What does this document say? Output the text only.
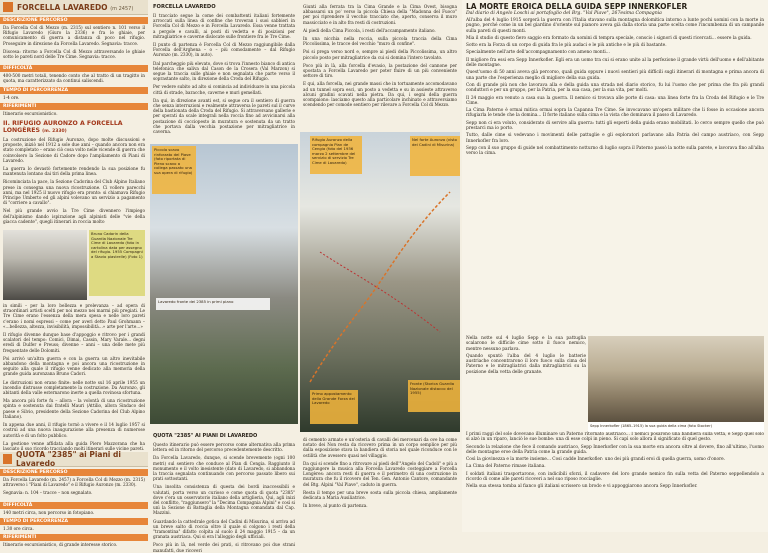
FORCELLA LAVAREDO (m 2457)
DESCRIZIONE PERCORSO

Da Forcella Col di Mezzo (m. 2315) sul sentiero n. 101 verso il Rifugio Lavaredo (Giuro la 2336) e fra le ghiaie, per comunicamento di guerra a distanza di poco nel rifugio. Proseguire in direzione da Forcella Lavaredo. Segnavia: tracce.

Discesa: ritorno a Forcella Col di Mezzo attraversando le ghiaie sotto le pareti nord delle Tre Cime. Segnavia: tracce.

DIFFICOLTÀ
400-500 metri totali, tenendo conto che al tratto di un tragitto in quota, ma caratterizzato da continui saliscendi.
TEMPO DI PERCORRENZA
1-4 ore.
RIFERIMENTI
Itinerario escursionistico.
II. RIFUGIO AURONZO A FORCELLA LONGÈRES (m. 2330)

La costruzione del Rifugio Auronzo, dopo molte discussioni e proposte, iniziò nel 1912 a sole due anni – quando ancora non era stato completato – erano ciò cosa volto nelle vicende di guerra che coinvolsero la Sezione di Cadore dopo l'ampliamento di Piani di Lavaredo.

La guerra lo devastò fortemente rendendo la sua posizione fu mantenuta lontano dai tiri della prima linea.

Ricominciata la pace, la Sezione Cadorina del Club Alpino Italiano prese in consegna una nuova ricostruzione. Ci vollero parecchi anni, ma nel 1925 il nuovo rifugio era pronto: si chiamava Rifugio Principe Umberto ed gli alpini volevano un servizio a pagamento di "corriere a cavallo".

Nel più grande avvio la Tre Cime divennero l'impiego dell'alpinismo dando ispirazione agli alpinisti delle "vie della giacca cadente", quegli itinerari in roccia molto

Bruno Cadorin della Guardia Nazionale Tre Cime di Lavaredo (foto in cartolina data per assegno del rifugio. 1955 Compagni a Stavio piastrelle) (Foto 1)

in simili – per la loro bellezza e prelevanza – ad opera di straordinari artisti scelti per noi mezzo nei marmi più pregiati. Le Tre Cime erano l'essenza della mera spesa e nelle loro pareti c'erano i nomi espressi – come per averi detto Paul Grohmann – «...bellezza, altezza, invisibilità, impossibilità...» arte per l'arte...»

Il rifugio divenne dunque base d'appoggio e ritrovo per i grandi scalatori del tempo: Comici, Dimai, Cassin, Mary Varale... degni eredi di Dulfer e Preuss; divenne – anni – una delle mete più frequentate delle Dolomiti.

Poi arrivò un'altra guerra e con la guerra un altro inevitabile abbandono della montagna e poi ancora una ricostruzione in seguito alla quale il rifugio venne dedicato alla memoria della grande guida auronzana Bruno Cadori.

Le distruzioni non erano finite: nelle notte sul 16 aprile 1955 un incendio distrusse completamente la costruzione. Da Auronzo, gli abitanti della valle esternarono inerte a quella rovinosa sfortuna.

Ma ancora più forte fu – allora – la volontà di una ricostruzione spinta e sostenuta dai fratelli Mauri (Attilio, allora Sindaco del paese e Silvio, presidente della Sezione Cadorina del Club Alpino Italiano).

In appena due anni, il rifugio tornò a vivere e il 14 luglio 1957 si costruì ad una nuova inaugurazione alla presenza di numerose autorità e di un folto pubblico.

La gestione venne affidata alla guida Piero Mazzorana che ha lasciato il suo ricordo tracciando molti itinerari sulle vicine pareti.

QUOTA "2385" ai Piani di Lavaredo
DESCRIZIONE PERCORSO

Da Forcella Lavaredo (m. 2457) a Forcella Col di Mezzo (m. 2315) attraverso i "Piani di Lavaredo" e il Rifugio Auronzo (m. 2330).

Segnavia: n. 104 – tracce – non segnalato.

DIFFICOLTÀ
140 metri circa, non percorso in fotopiano.
TEMPO DI PERCORRENZA
1.30 ore circa.
RIFERIMENTI
Itinerario escursionistico, di grande interesse storico.
FORCELLA LAVAREDO

Il tracciato segue la come dei combattenti italiani fortemente arroccati sulla linea di confine che troveran i suoi sabbieri in Forcella Col di Mezzo e in Forcella Lavaredo. Essa venne trattata a pergole e cavalli, ai posti di vedetta e di posizioni per mitragliatrice e caverne dislocate sulle frontiere fra le Tre Cime.

Il punto di partenza è Forcella Col di Mezzo raggiungibile dalla Forcella dell'Arghena – o – più comodamente – dal Rifugio Auronzo (m. 2330), in auto).

Dal parcheggio più elevato, dove si trova l'innesto bianco di antica telefonica che saliva dal Cason de la Crosera (Val Marzon) si segue la traccia sulle ghiaie e non segnalata che parte verso il soprastante salto, in direzione della Croda del Rifugio.

Per vedere subito ad alto si comincia ad individuare in una piccola città di strade, baracche, caverne e muri gemellati.

Da qui, in direzione avanti est, si segue ora il sentiero di guerra che senza interruzioni e realmente attraversa le pareti sul il curve della bastionata della Croda del Rifugio. Si attraversano gallerie e per sperati da scale integrali nella roccia fino ad avvicinarsi alla postazione di cocciopesto in muratura e sostenuta da un tratto che portava dalla vecchia postazione per mitragliatrice in caverna.

Piccolo scavo rinforzato del Piave (foto riportata di Pieno scavo a collega passato una sua opera di rifugio)
Lavaredo fronte dei 2385 in primi piano
QUOTA "2385" AI PIANI DI LAVAREDO

Questo itinerario può essere percorso come alternativa alla prima lettera ed in ritorno del percorso precedentemente descritto.

Da Forcella Lavaredo, dunque, si scende brevemente (ogni 100 metri) sul sentiero che conduce al Pian di Cengia. Raggiunto il monumento e il volto inesistente (dato di Lavaredo, si abbandona la traccia segnalata continuando con percorso passato libero sui prati sottostanti.

Una insolita consistenza di questa dei bordi inaccessibili e valutati, porta verso un curioso e come quota di quota "2385" dove c'era un osservatorio italiano della artiglieria, Qui, agli inizi del conflitto, "raggiunsero" la "Decima Compagnia Alpini" e così si unì la Sezione di Battaglia della Montagna comandata dal Cap. Mazzini.

Guardando la cattedrale gotica del Cadini di Misurina, si arriva ad un breve salto di roccia oltre il quale si colgono i resti della "tramontina" difatto colpita al suolo il 24 maggio 1915 – da un granata austriaca. Qui si era l'alloggio degli ufficiali.

Poco più in là, nel verde dei prati, si ritrovano poi due strani manufatti, due ricoveri

Giunti alla ferrata tra la Cima Grande e la Cima Ovest, bisogna abbassarsi un po' verso la piccola Chiesa della "Madonna del Fuoco" per poi riprendere il vecchio tracciato che, aperto, conserva il muro massicciato e in alto fra resti di costruzioni.

Ai piedi della Cima Piccola, i resti dell'accampamento italiano.

In una nicchia nella roccia, sulla piccola traccia della Cima Piccolissima, le tracce del vecchio "muro di confine".

Poi si prega verso nord e, sempre ai piedi della Piccolissima, un altro piccolo posto per mitragliatrice da cui si domina l'intero tavolato.

Poco più in là, alla forcella d'evasio, la postazione del cannone per spostata a Forcella Lavaredo per poter fluire di un più conveniente settore di tiro.

E qui, alla forcella, nei grande massi che in tortuamente accomodavano ad un tunnel sopra esci, un posto a vedetta e su in assieste attraverso alcuni gradini scavati nella pietra. Da qui, i segni della guerra scompaiono: lasciamo questo alla particolare inchinato e attraversiamo scendendo per comode sentiero per rilevare a Forcella Col di Mezzo.

Rifugio Auronzo della compagnia Pian de Cengia (foto del 1936 marzo 2 settembre del servizio di servizio Tre Cime di Lavaredo)
Nel forte Auronzo (visto dei Cadini di Misurina)
Fronte (Storica Guardia Nazionale distacco del 1955)
Primo appostamento della Grande Forza del Lavaredo

di cemento armato e un'osteria di cavalli dei mercenari da ove ha come notato dei Non resta da ricovero prima in un corpo semplice per più dalla esposizione stava la bandiera di storia nel quale riconduce con le ostilità che avessero quasi nel villaggio.

Da qui si scende fino a ritrovare ai piedi dell'"Angelo del Cadoli" e più a raggiungere la musica alla Forcella Lavaredo costeggiare a Forcella Longères: ancora resti di guerra e il perimetro di una costruzione in muratura che fu il ricovero del Ten. Gen. Antonio Cantore, comandante del Btg. Alpini "Val Piave", caduto in guerra.

Resta il tempo per una breve sosta sulla piccola chiesa, ampliamente dedicata a Maria Ausiliatrice.

In breve, al punto di partenza.

LA MORTE EROICA DELLA GUIDA SEPP INNERKOFLER
Dal diario di Angelo Loschi ai portafoglio del Brg. "Val Piave", 267esima Compagnia

All'alba del 4 luglio 1915 sorgerà la guerra con l'Italia stavano sulla montagna dolomitica intorno a lunte pochi uomini con la morte in pugno, perché come in un bel giardino d'oriente sul pianoro aveva già dalla storia una parte scelta come l'incumbenza di un campanile sulla pareti di questi monti.

Mia il studio di questo fiero saggio era formato da uomini di tempra speciale, conscio i signori di questi ricercati... essere la guida.

Sotto era la Forza di un corpo di guida fra le più audaci e le più antiche e le più di bastante.

Specialmente nell'arte dell'accompagnamento con ameno monti...

Il migliore fra essi era Sepp Innerkofler. Egli era un uomo tra cui si erano unite al la perfezione il grande virtù dell'uomo e dell'abitante delle montagne.

Quest'uomo di 50 anni aveva già percorso, quali guida oppure i nuovi sentieri più difficili sugli itinerari di montagna e prima ancora di una parte che l'esperienza meglio di migliore della sua guida.

Con di grande più non che lavorava alla e della guida una strada nel diario storico, fu lui l'uomo che per prima che fra più grandi conduttori e per un gruppo, per la Patria, per la sua casa, per la sua vita, per molti.

Il 24 maggio era venuto a casa sua la guerra. Il nemico si trovava alle porte di casa: una linea forte fra la Croda del Rifugio e le Tre Cime.

La Cima Paterno è ormai mitica ormai sopra la Capanna Tre Cime. Se invocavano un'opera militare che li fosse in occasione ancora rifugiarla le tende che la domina... Il forte italiano sulla cima e la vista che dominava il passo di Lavaredo.

Sepp non ci era voluto, considerato di servire alla guerra: tutti gli esperti della guida erano mobilitati. Io cerco sempre quello che può prestarci ma io porto.

Tutto, dalle cime si vedevano i movimenti delle pattuglie e gli esploratori parlavano alla Patria del campo austriaco, con Sepp Innerkofler fra loro.

Sepp con il suo gruppo di guide nel combattimento notturno di luglio sopra il Paterno passò la notte sulla parete, e lavorava fino all'alba verso la cima.

Nella notte sul 4 luglio Sepp e la sua pattuglia scalarono le difficile cime sotto il fuoco nemico, mentre nessuno parlava.

Quando spuntò l'alba del 4 luglio le batterie austriache concentrarono il loro fuoco sulla cima del Paterno e le mitragliatrici dalla mitragliatrici su la posizione della vetta delle granate.

Sepp Innerkofler (1865–1915) la sua guida della cima (foto Stocker)

I primi raggi del sole dovevano illuminare un Paterno ritornato austriaco... I nemici posarono una bandiera sulla vetta, e Sepp quel solo si alzò in un riparo, lanciò le sue bombe: una di esse colpì in pieno. Si capì solo allora il significato di quel gesto.

Secondo la relazione che fece il comando austriaco, Sepp Innerkofler con la sua morte era ancora oltre al dovere, fino all'ultimo, l'uomo delle montagne eroe della Patria come la grande guida.

Così la giovinezza e la morte insieme... Cosi cadde Innerkofler: uno dei più grandi eroi di quella guerra, uomo d'onore.

La Cima del Paterno rimase italiana.

I soldati italiani trasportarono, con indicibili sforzi, il cadavere del loro grande nemico fin sulla vetta del Paterno seppellendolo a ricordo di come alle pareti ricoveri a nel suo riposo rocciaglie.

Nella sua stessa tomba al fianco gli italiani scrissero un brodo e vi appoggiarono ancora Sepp Innerkofler.
